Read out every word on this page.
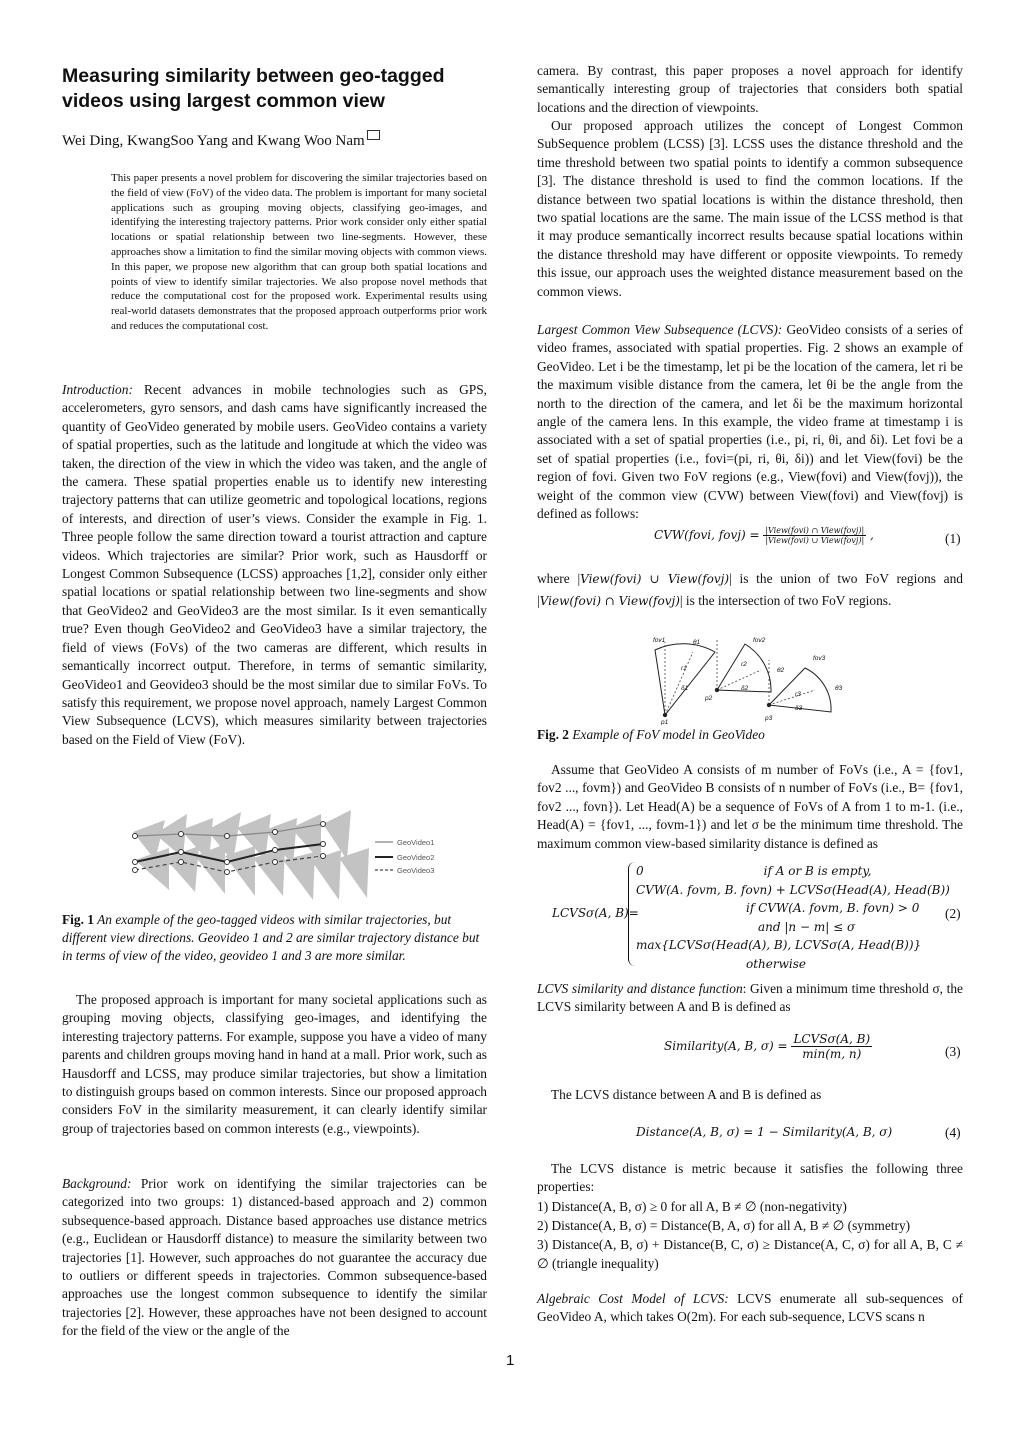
Measuring similarity between geo-tagged videos using largest common view
Wei Ding, KwangSoo Yang and Kwang Woo Nam

This paper presents a novel problem for discovering the similar trajectories based on the field of view (FoV) of the video data. The problem is important for many societal applications such as grouping moving objects, classifying geo-images, and identifying the interesting trajectory patterns. Prior work consider only either spatial locations or spatial relationship between two line-segments. However, these approaches show a limitation to find the similar moving objects with common views. In this paper, we propose new algorithm that can group both spatial locations and points of view to identify similar trajectories. We also propose novel methods that reduce the computational cost for the proposed work. Experimental results using real-world datasets demonstrates that the proposed approach outperforms prior work and reduces the computational cost.

Introduction: Recent advances in mobile technologies such as GPS, accelerometers, gyro sensors, and dash cams have significantly increased the quantity of GeoVideo generated by mobile users. GeoVideo contains a variety of spatial properties, such as the latitude and longitude at which the video was taken, the direction of the view in which the video was taken, and the angle of the camera. These spatial properties enable us to identify new interesting trajectory patterns that can utilize geometric and topological locations, regions of interests, and direction of user’s views. Consider the example in Fig. 1. Three people follow the same direction toward a tourist attraction and capture videos. Which trajectories are similar? Prior work, such as Hausdorff or Longest Common Subsequence (LCSS) approaches [1,2], consider only either spatial locations or spatial relationship between two line-segments and show that GeoVideo2 and GeoVideo3 are the most similar. Is it even semantically true? Even though GeoVideo2 and GeoVideo3 have a similar trajectory, the field of views (FoVs) of the two cameras are different, which results in semantically incorrect output. Therefore, in terms of semantic similarity, GeoVideo1 and Geovideo3 should be the most similar due to similar FoVs. To satisfy this requirement, we propose novel approach, namely Largest Common View Subsequence (LCVS), which measures similarity between trajectories based on the Field of View (FoV).

GeoVideo1
GeoVideo2
GeoVideo3

Fig. 1 An example of the geo-tagged videos with similar trajectories, but different view directions. Geovideo 1 and 2 are similar trajectory distance but in terms of view of the video, geovideo 1 and 3 are more similar.

The proposed approach is important for many societal applications such as grouping moving objects, classifying geo-images, and identifying the interesting trajectory patterns. For example, suppose you have a video of many parents and children groups moving hand in hand at a mall. Prior work, such as Hausdorff and LCSS, may produce similar trajectories, but show a limitation to distinguish groups based on common interests. Since our proposed approach considers FoV in the similarity measurement, it can clearly identify similar group of trajectories based on common interests (e.g., viewpoints).

Background: Prior work on identifying the similar trajectories can be categorized into two groups: 1) distanced-based approach and 2) common subsequence-based approach. Distance based approaches use distance metrics (e.g., Euclidean or Hausdorff distance) to measure the similarity between two trajectories [1]. However, such approaches do not guarantee the accuracy due to outliers or different speeds in trajectories. Common subsequence-based approaches use the longest common subsequence to identify the similar trajectories [2]. However, these approaches have not been designed to account for the field of the view or the angle of the

camera. By contrast, this paper proposes a novel approach for identify semantically interesting group of trajectories that considers both spatial locations and the direction of viewpoints.

Our proposed approach utilizes the concept of Longest Common SubSequence problem (LCSS) [3]. LCSS uses the distance threshold and the time threshold between two spatial points to identify a common subsequence [3]. The distance threshold is used to find the common locations. If the distance between two spatial locations is within the distance threshold, then two spatial locations are the same. The main issue of the LCSS method is that it may produce semantically incorrect results because spatial locations within the distance threshold may have different or opposite viewpoints. To remedy this issue, our approach uses the weighted distance measurement based on the common views.

Largest Common View Subsequence (LCVS): GeoVideo consists of a series of video frames, associated with spatial properties. Fig. 2 shows an example of GeoVideo. Let i be the timestamp, let pi be the location of the camera, let ri be the maximum visible distance from the camera, let θi be the angle from the north to the direction of the camera, and let δi be the maximum horizontal angle of the camera lens. In this example, the video frame at timestamp i is associated with a set of spatial properties (i.e., pi, ri, θi, and δi). Let fovi be a set of spatial properties (i.e., fovi=(pi, ri, θi, δi)) and let View(fovi) be the region of fovi. Given two FoV regions (e.g., View(fovi) and View(fovj)), the weight of the common view (CVW) between View(fovi) and View(fovj) is defined as follows:

CVW(fovi, fovj) = $\frac{\text{|View(fovi) ∩ View(fovj)|}}{\text{|View(fovi) ∪ View(fovj)|}}$ ,	(1)

where |View(fovi) ∪ View(fovj)| is the union of two FoV regions and |View(fovi) ∩ View(fovj)| is the intersection of two FoV regions.

fov1	fov2
fov3
θ1
θ2
θ3
r1
r2
r3
δ1	δ2
δ3
p1
p2
p3

Fig. 2 Example of FoV model in GeoVideo

Assume that GeoVideo A consists of m number of FoVs (i.e., A = {fov1, fov2 ..., fovm}) and GeoVideo B consists of n number of FoVs (i.e., B= {fov1, fov2 ..., fovn}). Let Head(A) be a sequence of FoVs of A from 1 to m-1. (i.e., Head(A) = {fov1, ..., fovm-1}) and let σ be the minimum time threshold. The maximum common view-based similarity distance is defined as

LCVSσ(A, B)=
0	if A or B is empty,
CVW(A. fovm, B. fovn) + LCVSσ(Head(A), Head(B))
if CVW(A. fovm, B. fovn) > 0
and |n − m| ≤ σ
max{LCVSσ(Head(A), B), LCVSσ(A, Head(B))}
otherwise
(2)

LCVS similarity and distance function: Given a minimum time threshold σ, the LCVS similarity between A and B is defined as

Similarity(A, B, $\sigma) = \frac{\text{LCVSσ(A, B)}}{\min(m, n)}$	(3)

The LCVS distance between A and B is defined as

Distance(A, B, σ) = 1 − Similarity(A, B, σ)	(4)

The LCVS distance is metric because it satisfies the following three properties:

1) Distance(A, B, σ) ≥ 0 for all A, B ≠ ∅ (non-negativity)
2) Distance(A, B, σ) = Distance(B, A, σ) for all A, B ≠ ∅ (symmetry)
3) Distance(A, B, σ) + Distance(B, C, σ) ≥ Distance(A, C, σ) for all A, B, C ≠ ∅ (triangle inequality)

Algebraic Cost Model of LCVS: LCVS enumerate all sub-sequences of GeoVideo A, which takes O(2m). For each sub-sequence, LCVS scans n

1
